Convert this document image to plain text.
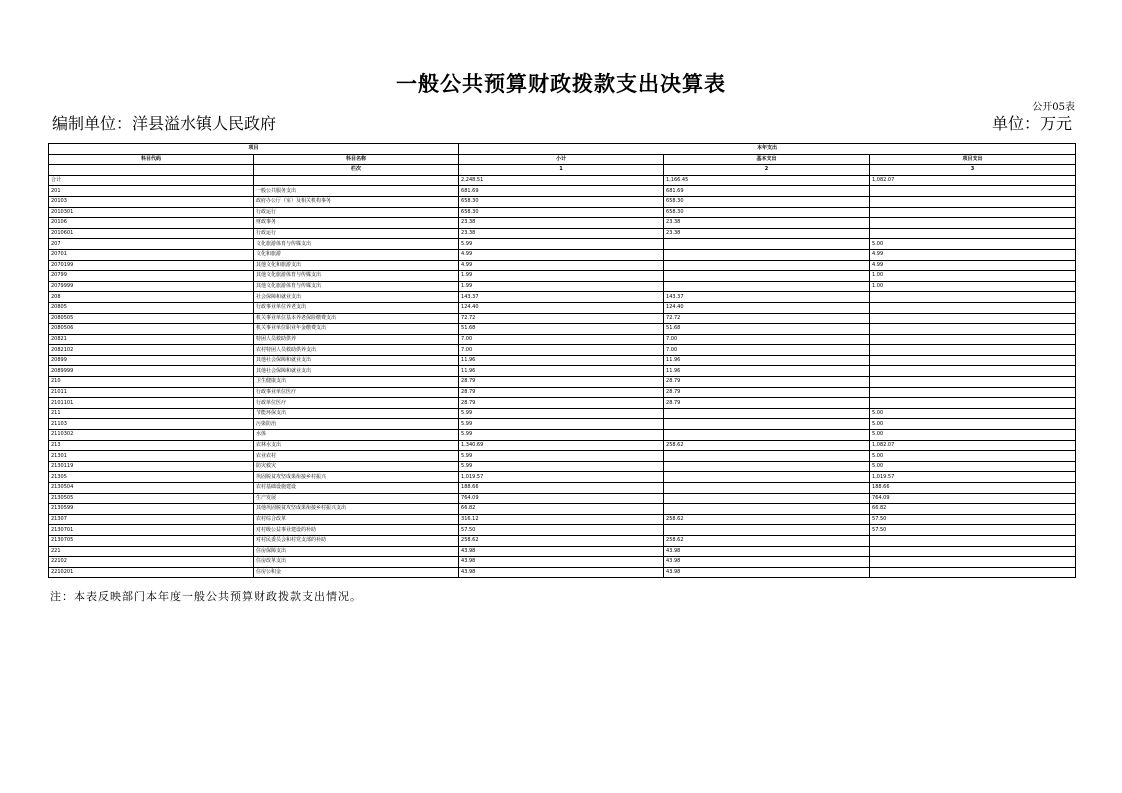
一般公共预算财政拨款支出决算表
公开05表
编制单位：洋县溢水镇人民政府	单位：万元
项目		本年支出		
科目代码	科目名称	小计	基本支出	项目支出
	栏次	1	2	3
合计		2,248.51	1,166.45	1,082.07
201	一般公共服务支出	681.69	681.69	
20103	政府办公厅（室）及相关机构事务	658.30	658.30	
2010301	行政运行	658.30	658.30	
20106	财政事务	23.38	23.38	
2010601	行政运行	23.38	23.38	
207	文化旅游体育与传媒支出	5.99		5.00
20701	文化和旅游	4.99		4.99
2070199	其他文化和旅游支出	4.99		4.99
20799	其他文化旅游体育与传媒支出	1.99		1.00
2079999	其他文化旅游体育与传媒支出	1.99		1.00
208	社会保障和就业支出	143.37	143.37	
20805	行政事业单位养老支出	124.40	124.40	
2080505	机关事业单位基本养老保险缴费支出	72.72	72.72	
2080506	机关事业单位职业年金缴费支出	51.68	51.68	
20821	特困人员救助供养	7.00	7.00	
2082102	农村特困人员救助供养支出	7.00	7.00	
20899	其他社会保障和就业支出	11.96	11.96	
2089999	其他社会保障和就业支出	11.96	11.96	
210	卫生健康支出	28.79	28.79	
21011	行政事业单位医疗	28.79	28.79	
2101101	行政单位医疗	28.79	28.79	
211	节能环保支出	5.99		5.00
21103	污染防治	5.99		5.00
2110302	水体	5.99		5.00
213	农林水支出	1,340.69	258.62	1,082.07
21301	农业农村	5.99		5.00
2130119	防灾救灾	5.99		5.00
21305	巩固脱贫攻坚成果衔接乡村振兴	1,019.57		1,019.57
2130504	农村基础设施建设	188.66		188.66
2130505	生产发展	764.09		764.09
2130599	其他巩固脱贫攻坚成果衔接乡村振兴支出	66.82		66.82
21307	农村综合改革	316.12	258.62	57.50
2130701	对村级公益事业建设的补助	57.50		57.50
2130705	对村民委员会和村党支部的补助	258.62	258.62	
221	住房保障支出	43.98	43.98	
22102	住房改革支出	43.98	43.98	
2210201	住房公积金	43.98	43.98	
注：本表反映部门本年度一般公共预算财政拨款支出情况。
